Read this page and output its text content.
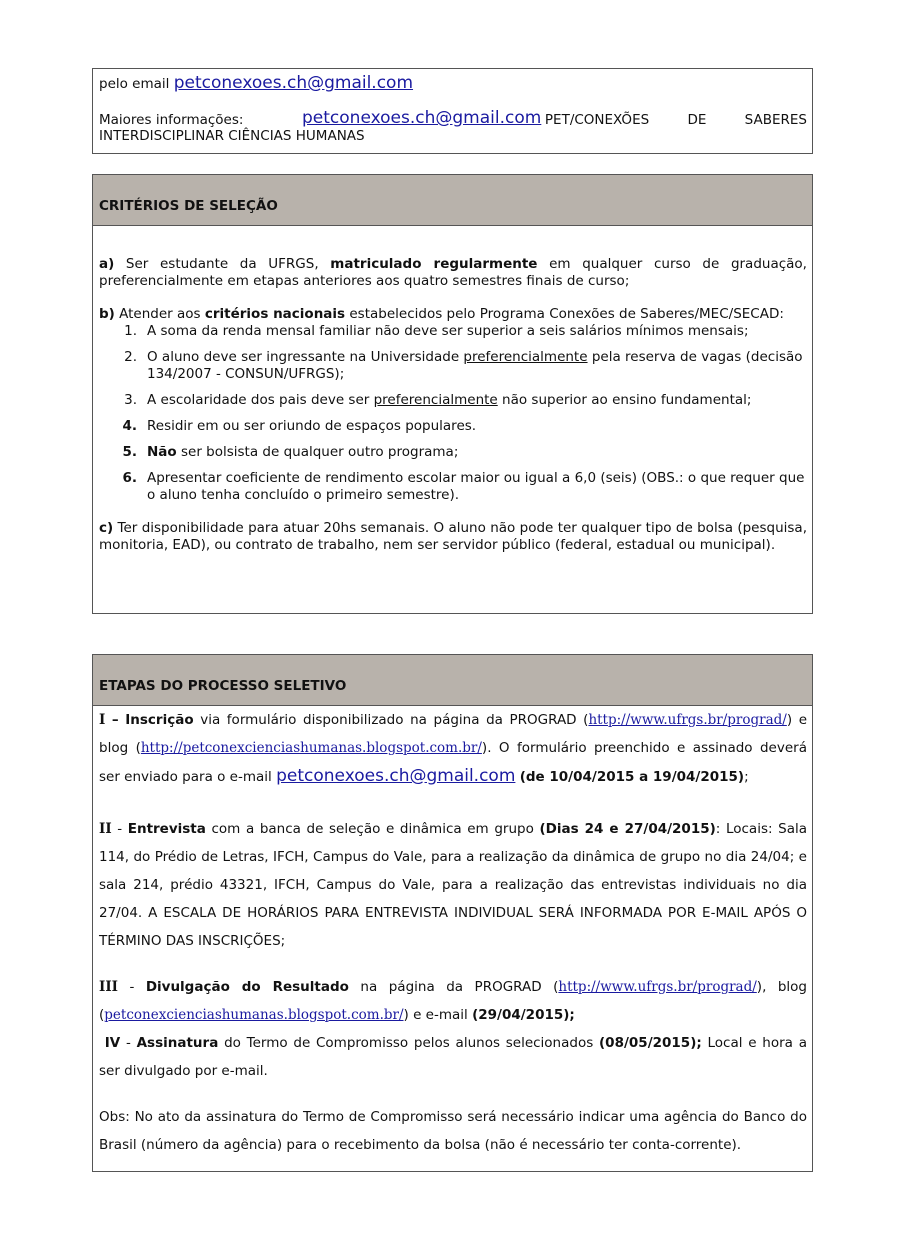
pelo email petconexoes.ch@gmail.com

Maiores informações:	petconexoes.ch@gmail.com PET/CONEXÕES DE SABERES

INTERDISCIPLINAR CIÊNCIAS HUMANAS

CRITÉRIOS DE SELEÇÃO

a) Ser estudante da UFRGS, matriculado regularmente em qualquer curso de graduação, preferencialmente em etapas anteriores aos quatro semestres finais de curso;

b) Atender aos critérios nacionais estabelecidos pelo Programa Conexões de Saberes/MEC/SECAD:

1. A soma da renda mensal familiar não deve ser superior a seis salários mínimos mensais;
2. O aluno deve ser ingressante na Universidade preferencialmente pela reserva de vagas (decisão 134/2007 - CONSUN/UFRGS);
3. A escolaridade dos pais deve ser preferencialmente não superior ao ensino fundamental;
4. Residir em ou ser oriundo de espaços populares.
5. Não ser bolsista de qualquer outro programa;
6. Apresentar coeficiente de rendimento escolar maior ou igual a 6,0 (seis) (OBS.: o que requer que o aluno tenha concluído o primeiro semestre).

c) Ter disponibilidade para atuar 20hs semanais. O aluno não pode ter qualquer tipo de bolsa (pesquisa, monitoria, EAD), ou contrato de trabalho, nem ser servidor público (federal, estadual ou municipal).

ETAPAS DO PROCESSO SELETIVO

I – Inscrição via formulário disponibilizado na página da PROGRAD (http://www.ufrgs.br/prograd/) e blog (http://petconexcienciashumanas.blogspot.com.br/). O formulário preenchido e assinado deverá ser enviado para o e-mail petconexoes.ch@gmail.com (de 10/04/2015 a 19/04/2015);

II - Entrevista com a banca de seleção e dinâmica em grupo (Dias 24 e 27/04/2015): Locais: Sala 114, do Prédio de Letras, IFCH, Campus do Vale, para a realização da dinâmica de grupo no dia 24/04; e sala 214, prédio 43321, IFCH, Campus do Vale, para a realização das entrevistas individuais no dia 27/04. A ESCALA DE HORÁRIOS PARA ENTREVISTA INDIVIDUAL SERÁ INFORMADA POR E-MAIL APÓS O TÉRMINO DAS INSCRIÇÕES;

III - Divulgação do Resultado na página da PROGRAD (http://www.ufrgs.br/prograd/), blog (petconexcienciashumanas.blogspot.com.br/) e e-mail (29/04/2015);

IV - Assinatura do Termo de Compromisso pelos alunos selecionados (08/05/2015); Local e hora a ser divulgado por e-mail.

Obs: No ato da assinatura do Termo de Compromisso será necessário indicar uma agência do Banco do Brasil (número da agência) para o recebimento da bolsa (não é necessário ter conta-corrente).
